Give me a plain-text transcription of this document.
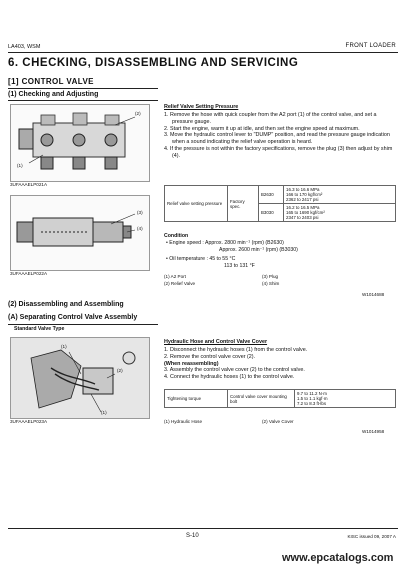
LA403, WSM	FRONT LOADER
6. CHECKING, DISASSEMBLING AND SERVICING
[1] CONTROL VALVE
(1) Checking and Adjusting
(2)
(1)
3UFAAAELP021A
(3)
(4)
3UFAAAELP022A
Relief Valve Setting Pressure
1. Remove the hose with quick coupler from the A2 port (1) of the control valve, and set a pressure gauge.
2. Start the engine, warm it up at idle, and then set the engine speed at maximum.
3. Move the hydraulic control lever to "DUMP" position, and read the pressure gauge indication when a sound indicating the relief valve operation is heard.
4. If the pressure is not within the factory specifications, remove the plug (3) then adjust by shim (4).
Relief valve setting pressure	Factory spec.	B2630	16.3 to 16.6 MPa
166 to 170 kgf/cm²
2362 to 2417 psi

		B3030	16.2 to 16.5 MPa
165 to 1690 kgf/cm²
2347 to 2403 psi
Condition
• Engine speed : Approx. 2800 min⁻¹ (rpm) (B2630)
Approx. 2600 min⁻¹ (rpm) (B3030)
• Oil temperature : 45 to 55 °C
113 to 131 °F
(1) A2 Port
(2) Relief Valve
(3) Plug
(4) Shim
W1014688
(2) Disassembling and Assembling
(A) Separating Control Valve Assembly
Standard Valve Type
(1)
(2)
(1)
3UFAAAELP023A
Hydraulic Hose and Control Valve Cover
1. Disconnect the hydraulic hoses (1) from the control valve.
2. Remove the control valve cover (2).
(When reassembling)
3. Assembly the control valve cover (2) to the control valve.
4. Connect the hydraulic hoses (1) to the control valve.
Tightening torque	Control valve cover mounting bolt	
9.7 to 11.2 N·m
1.5 to 1.1 kgf·m
7.2 to 8.3 ft-lbs
(1) Hydraulic Hose	(2) Valve Cover
W1014958
S-10	KISC issued 09, 2007 A
www.epcatalogs.com
